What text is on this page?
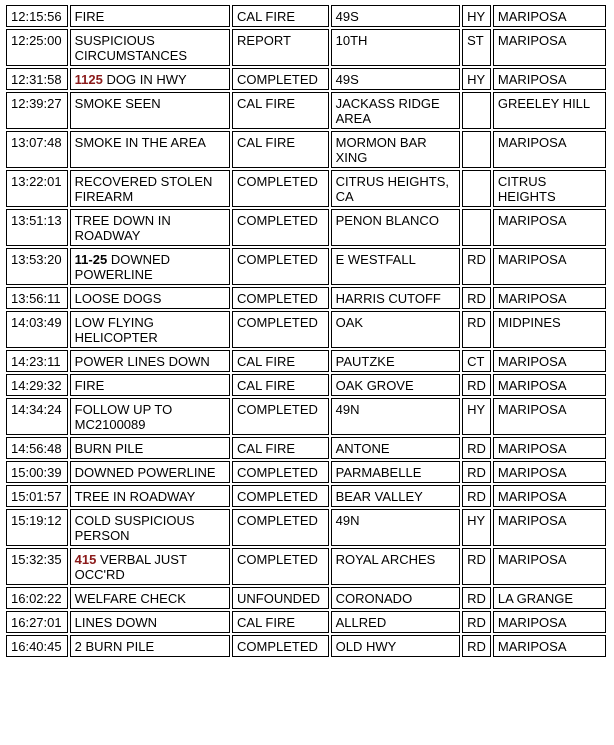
12:15:56	FIRE	CAL FIRE	49S	HY	MARIPOSA
12:25:00	SUSPICIOUS CIRCUMSTANCES	REPORT	10TH	ST	MARIPOSA
12:31:58	1125 DOG IN HWY	COMPLETED	49S	HY	MARIPOSA
12:39:27	SMOKE SEEN	CAL FIRE	JACKASS RIDGE AREA		GREELEY HILL
13:07:48	SMOKE IN THE AREA	CAL FIRE	MORMON BAR XING		MARIPOSA
13:22:01	RECOVERED STOLEN FIREARM	COMPLETED	CITRUS HEIGHTS, CA		CITRUS HEIGHTS
13:51:13	TREE DOWN IN ROADWAY	COMPLETED	PENON BLANCO		MARIPOSA
13:53:20	11-25 DOWNED POWERLINE	COMPLETED	E WESTFALL	RD	MARIPOSA
13:56:11	LOOSE DOGS	COMPLETED	HARRIS CUTOFF	RD	MARIPOSA
14:03:49	LOW FLYING HELICOPTER	COMPLETED	OAK	RD	MIDPINES
14:23:11	POWER LINES DOWN	CAL FIRE	PAUTZKE	CT	MARIPOSA
14:29:32	FIRE	CAL FIRE	OAK GROVE	RD	MARIPOSA
14:34:24	FOLLOW UP TO MC2100089	COMPLETED	49N	HY	MARIPOSA
14:56:48	BURN PILE	CAL FIRE	ANTONE	RD	MARIPOSA
15:00:39	DOWNED POWERLINE	COMPLETED	PARMABELLE	RD	MARIPOSA
15:01:57	TREE IN ROADWAY	COMPLETED	BEAR VALLEY	RD	MARIPOSA
15:19:12	COLD SUSPICIOUS PERSON	COMPLETED	49N	HY	MARIPOSA
15:32:35	415 VERBAL JUST OCC'RD	COMPLETED	ROYAL ARCHES	RD	MARIPOSA
16:02:22	WELFARE CHECK	UNFOUNDED	CORONADO	RD	LA GRANGE
16:27:01	LINES DOWN	CAL FIRE	ALLRED	RD	MARIPOSA
16:40:45	2 BURN PILE	COMPLETED	OLD HWY	RD	MARIPOSA
